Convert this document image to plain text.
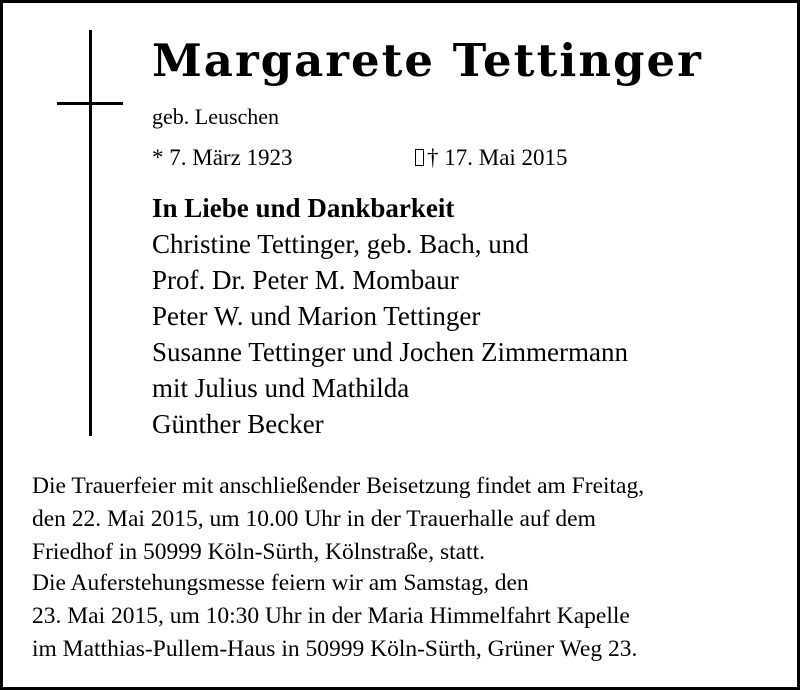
Margarete Tettinger
geb. Leuschen
* 7. März 1923	† 17. Mai 2015
In Liebe und Dankbarkeit
Christine Tettinger, geb. Bach, und
Prof. Dr. Peter M. Mombaur
Peter W. und Marion Tettinger
Susanne Tettinger und Jochen Zimmermann
mit Julius und Mathilda
Günther Becker
Die Trauerfeier mit anschließender Beisetzung findet am Freitag,
den 22. Mai 2015, um 10.00 Uhr in der Trauerhalle auf dem
Friedhof in 50999 Köln-Sürth, Kölnstraße, statt.
Die Auferstehungsmesse feiern wir am Samstag, den
23. Mai 2015, um 10:30 Uhr in der Maria Himmelfahrt Kapelle
im Matthias-Pullem-Haus in 50999 Köln-Sürth, Grüner Weg 23.
